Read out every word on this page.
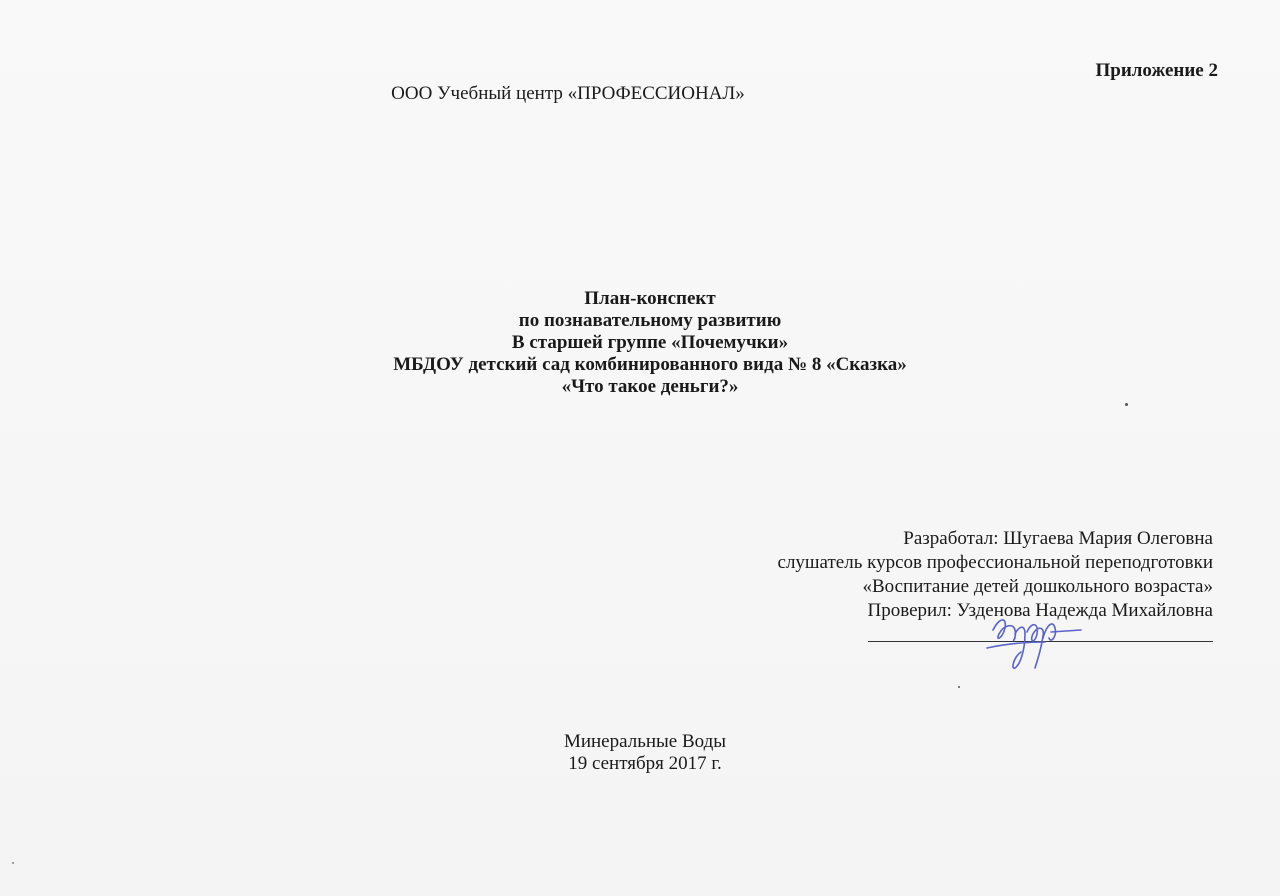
Приложение 2

ООО Учебный центр «ПРОФЕССИОНАЛ»

План-конспект
по познавательному развитию
В старшей группе «Почемучки»
МБДОУ детский сад комбинированного вида № 8 «Сказка»
«Что такое деньги?»
Разработал: Шугаева Мария Олеговна
слушатель курсов профессиональной переподготовки
«Воспитание детей дошкольного возраста»
Проверил: Узденова Надежда Михайловна
Минеральные Воды
19 сентября 2017 г.
